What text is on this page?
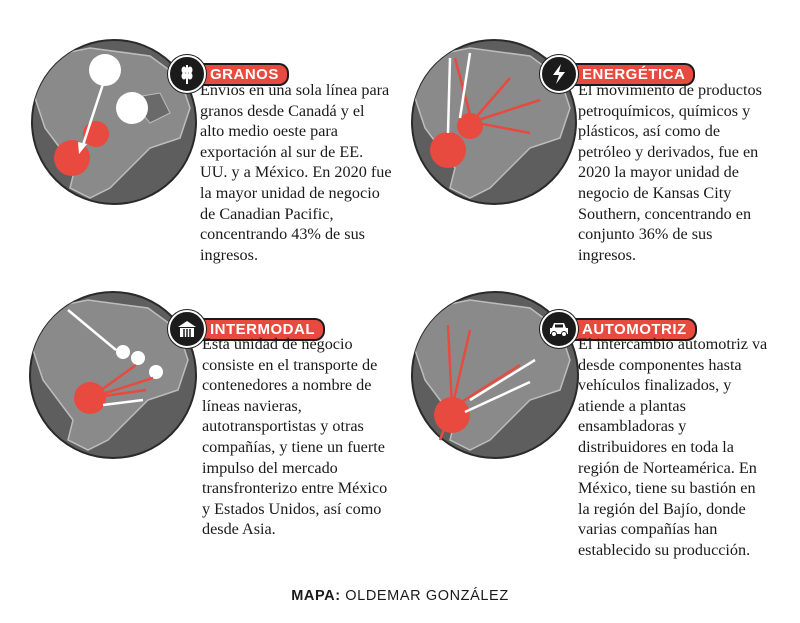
GRANOS

Envíos en una sola línea para granos desde Canadá y el alto medio oeste para exportación al sur de EE. UU. y a México. En 2020 fue la mayor unidad de negocio de Canadian Pacific, concentrando 43% de sus ingresos.

ENERGÉTICA

El movimiento de productos petroquímicos, químicos y plásticos, así como de petróleo y derivados, fue en 2020 la mayor unidad de negocio de Kansas City Southern, concentrando en conjunto 36% de sus ingresos.

INTERMODAL

Esta unidad de negocio consiste en el transporte de contenedores a nombre de líneas navieras, autotransportistas y otras compañías, y tiene un fuerte impulso del mercado transfronterizo entre México y Estados Unidos, así como desde Asia.

AUTOMOTRIZ

El intercambio automotriz va desde componentes hasta vehículos finalizados, y atiende a plantas ensambladoras y distribuidores en toda la región de Norteamérica. En México, tiene su bastión en la región del Bajío, donde varias compañías han establecido su producción.

MAPA: OLDEMAR GONZÁLEZ
